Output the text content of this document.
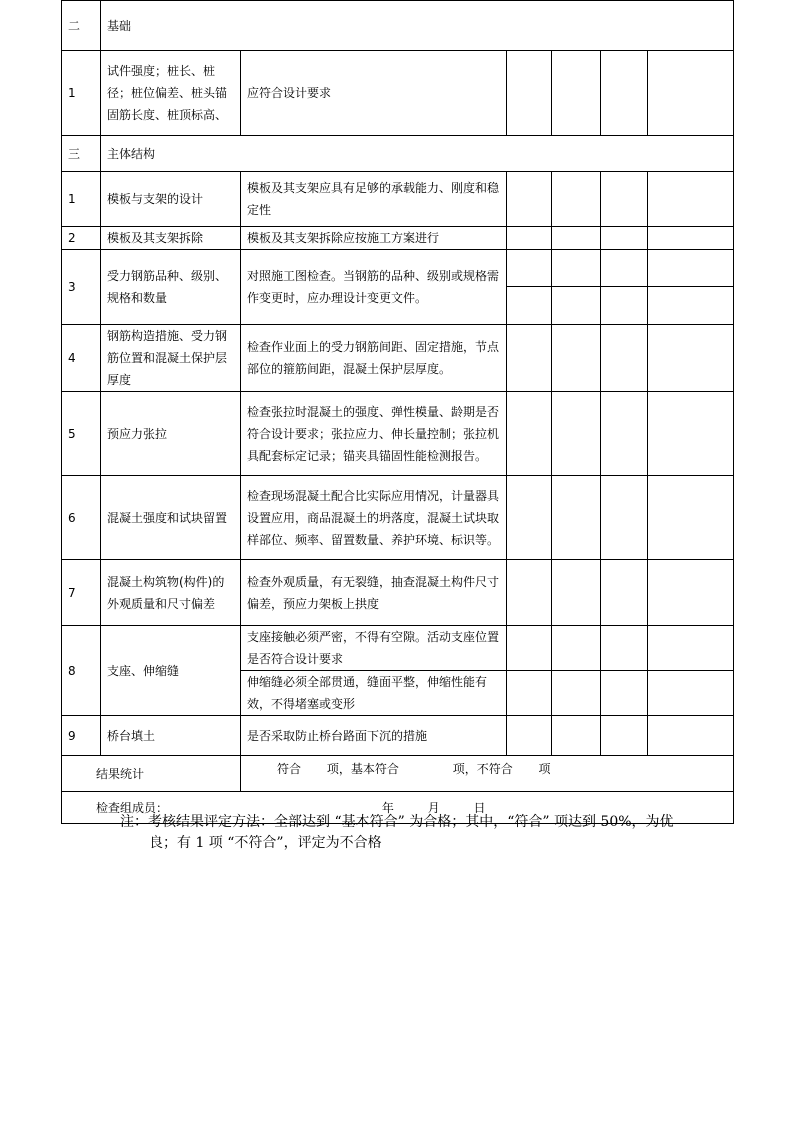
二	基础					
1	试件强度；桩长、桩径；桩位偏差、桩头锚固筋长度、桩顶标高、	应符合设计要求				
三	主体结构					
1	模板与支架的设计	模板及其支架应具有足够的承载能力、刚度和稳定性				
2	模板及其支架拆除	模板及其支架拆除应按施工方案进行				
3	受力钢筋品种、级别、规格和数量	对照施工图检查。当钢筋的品种、级别或规格需作变更时，应办理设计变更文件。				

4	钢筋构造措施、受力钢筋位置和混凝土保护层厚度	检查作业面上的受力钢筋间距、固定措施，节点部位的箍筋间距，混凝土保护层厚度。				
5	预应力张拉	检查张拉时混凝土的强度、弹性模量、龄期是否符合设计要求；张拉应力、伸长量控制；张拉机具配套标定记录；锚夹具锚固性能检测报告。				
6	混凝土强度和试块留置	检查现场混凝土配合比实际应用情况，计量器具设置应用，商品混凝土的坍落度，混凝土试块取样部位、频率、留置数量、养护环境、标识等。				
7	混凝土构筑物(构件)的外观质量和尺寸偏差	检查外观质量，有无裂缝，抽查混凝土构件尺寸偏差，预应力架板上拱度				
8	支座、伸缩缝	支座接触必须严密，不得有空隙。活动支座位置是否符合设计要求				
		伸缩缝必须全部贯通，缝面平整，伸缩性能有效，不得堵塞或变形				
9	桥台填土	是否采取防止桥台路面下沉的措施				
结果统计		符合 项，基本符合 项，不符合 项				

检查组成员： 年 月 日						
注：考核结果评定方法：全部达到 “基本符合” 为合格；其中，“符合” 项达到 50%，为优
良；有 1 项 “不符合”，评定为不合格
